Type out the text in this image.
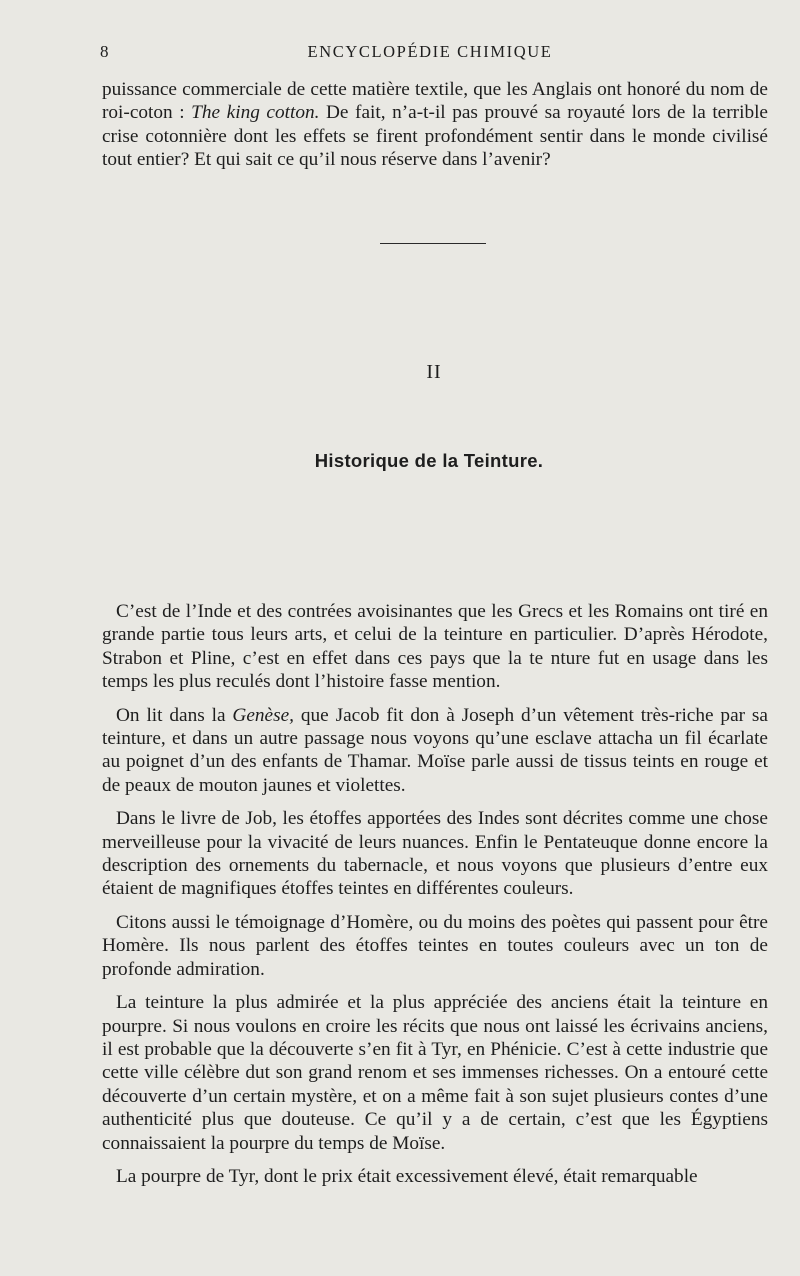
8	ENCYCLOPÉDIE CHIMIQUE

puissance commerciale de cette matière textile, que les Anglais ont honoré du nom de roi-coton : The king cotton. De fait, n’a-t-il pas prouvé sa royauté lors de la terrible crise cotonnière dont les effets se firent profondément sentir dans le monde civilisé tout entier? Et qui sait ce qu’il nous réserve dans l’avenir?

II
Historique de la Teinture.

C’est de l’Inde et des contrées avoisinantes que les Grecs et les Romains ont tiré en grande partie tous leurs arts, et celui de la teinture en particulier. D’après Hérodote, Strabon et Pline, c’est en effet dans ces pays que la te nture fut en usage dans les temps les plus reculés dont l’histoire fasse mention.

On lit dans la Genèse, que Jacob fit don à Joseph d’un vêtement très-riche par sa teinture, et dans un autre passage nous voyons qu’une esclave attacha un fil écarlate au poignet d’un des enfants de Thamar. Moïse parle aussi de tissus teints en rouge et de peaux de mouton jaunes et violettes.

Dans le livre de Job, les étoffes apportées des Indes sont décrites comme une chose merveilleuse pour la vivacité de leurs nuances. Enfin le Pentateuque donne encore la description des ornements du tabernacle, et nous voyons que plusieurs d’entre eux étaient de magnifiques étoffes teintes en différentes couleurs.

Citons aussi le témoignage d’Homère, ou du moins des poètes qui passent pour être Homère. Ils nous parlent des étoffes teintes en toutes couleurs avec un ton de profonde admiration.

La teinture la plus admirée et la plus appréciée des anciens était la teinture en pourpre. Si nous voulons en croire les récits que nous ont laissé les écrivains anciens, il est probable que la découverte s’en fit à Tyr, en Phénicie. C’est à cette industrie que cette ville célèbre dut son grand renom et ses immenses richesses. On a entouré cette découverte d’un certain mystère, et on a même fait à son sujet plusieurs contes d’une authenticité plus que douteuse. Ce qu’il y a de certain, c’est que les Égyptiens connaissaient la pourpre du temps de Moïse.

La pourpre de Tyr, dont le prix était excessivement élevé, était remarquable
